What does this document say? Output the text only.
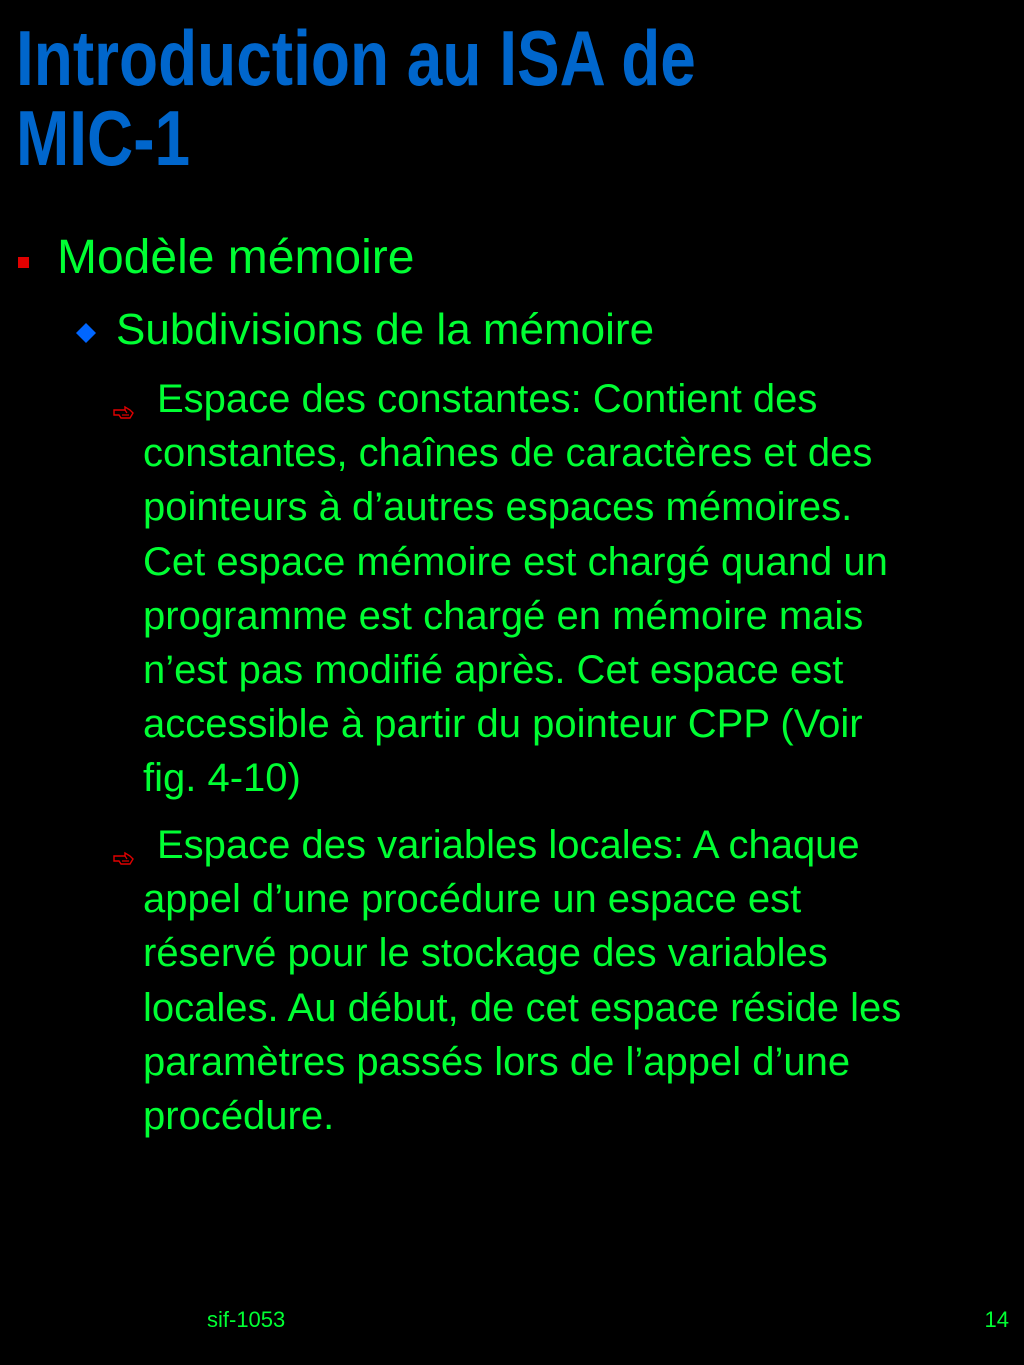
Introduction au ISA de
MIC-1
Modèle mémoire
Subdivisions de la mémoire
Espace des constantes: Contient des
constantes, chaînes de caractères et des
pointeurs à d’autres espaces mémoires.
Cet espace mémoire est chargé quand un
programme est chargé en mémoire mais
n’est pas modifié après. Cet espace est
accessible à partir du pointeur CPP (Voir
fig. 4-10)
Espace des variables locales: A chaque
appel d’une procédure un espace est
réservé pour le stockage des variables
locales. Au début, de cet espace réside les
paramètres passés lors de l’appel d’une
procédure.
sif-1053	14
